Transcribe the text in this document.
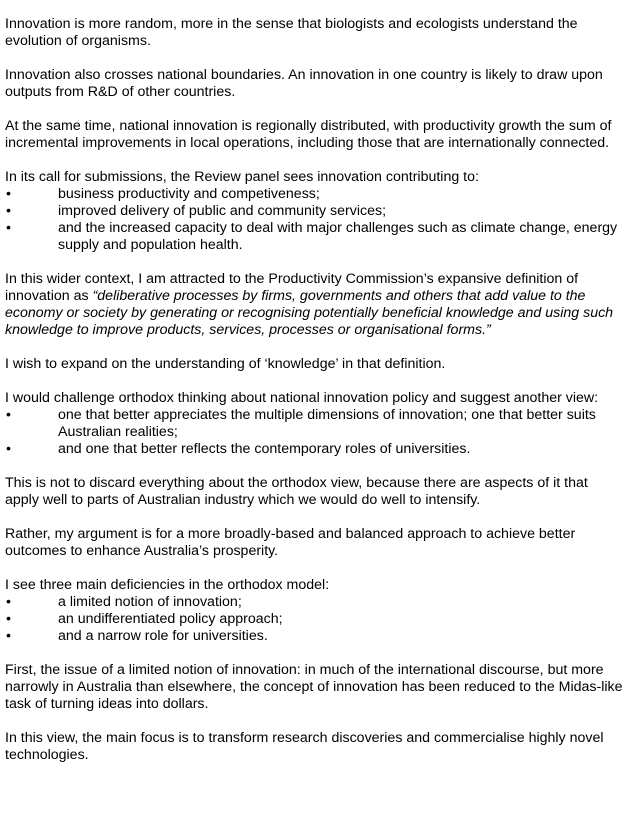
Innovation is more random, more in the sense that biologists and ecologists understand the evolution of organisms.

Innovation also crosses national boundaries. An innovation in one country is likely to draw upon outputs from R&D of other countries.

At the same time, national innovation is regionally distributed, with productivity growth the sum of incremental improvements in local operations, including those that are internationally connected.

In its call for submissions, the Review panel sees innovation contributing to:

•	business productivity and competiveness;
•	improved delivery of public and community services;
•	and the increased capacity to deal with major challenges such as climate change, energy supply and population health.

In this wider context, I am attracted to the Productivity Commission’s expansive definition of innovation as “deliberative processes by firms, governments and others that add value to the economy or society by generating or recognising potentially beneficial knowledge and using such knowledge to improve products, services, processes or organisational forms.”

I wish to expand on the understanding of ‘knowledge’ in that definition.

I would challenge orthodox thinking about national innovation policy and suggest another view:

•	one that better appreciates the multiple dimensions of innovation; one that better suits Australian realities;
•	and one that better reflects the contemporary roles of universities.

This is not to discard everything about the orthodox view, because there are aspects of it that apply well to parts of Australian industry which we would do well to intensify.

Rather, my argument is for a more broadly-based and balanced approach to achieve better outcomes to enhance Australia’s prosperity.

I see three main deficiencies in the orthodox model:

•	a limited notion of innovation;
•	an undifferentiated policy approach;
•	and a narrow role for universities.

First, the issue of a limited notion of innovation: in much of the international discourse, but more narrowly in Australia than elsewhere, the concept of innovation has been reduced to the Midas-like task of turning ideas into dollars.

In this view, the main focus is to transform research discoveries and commercialise highly novel technologies.
